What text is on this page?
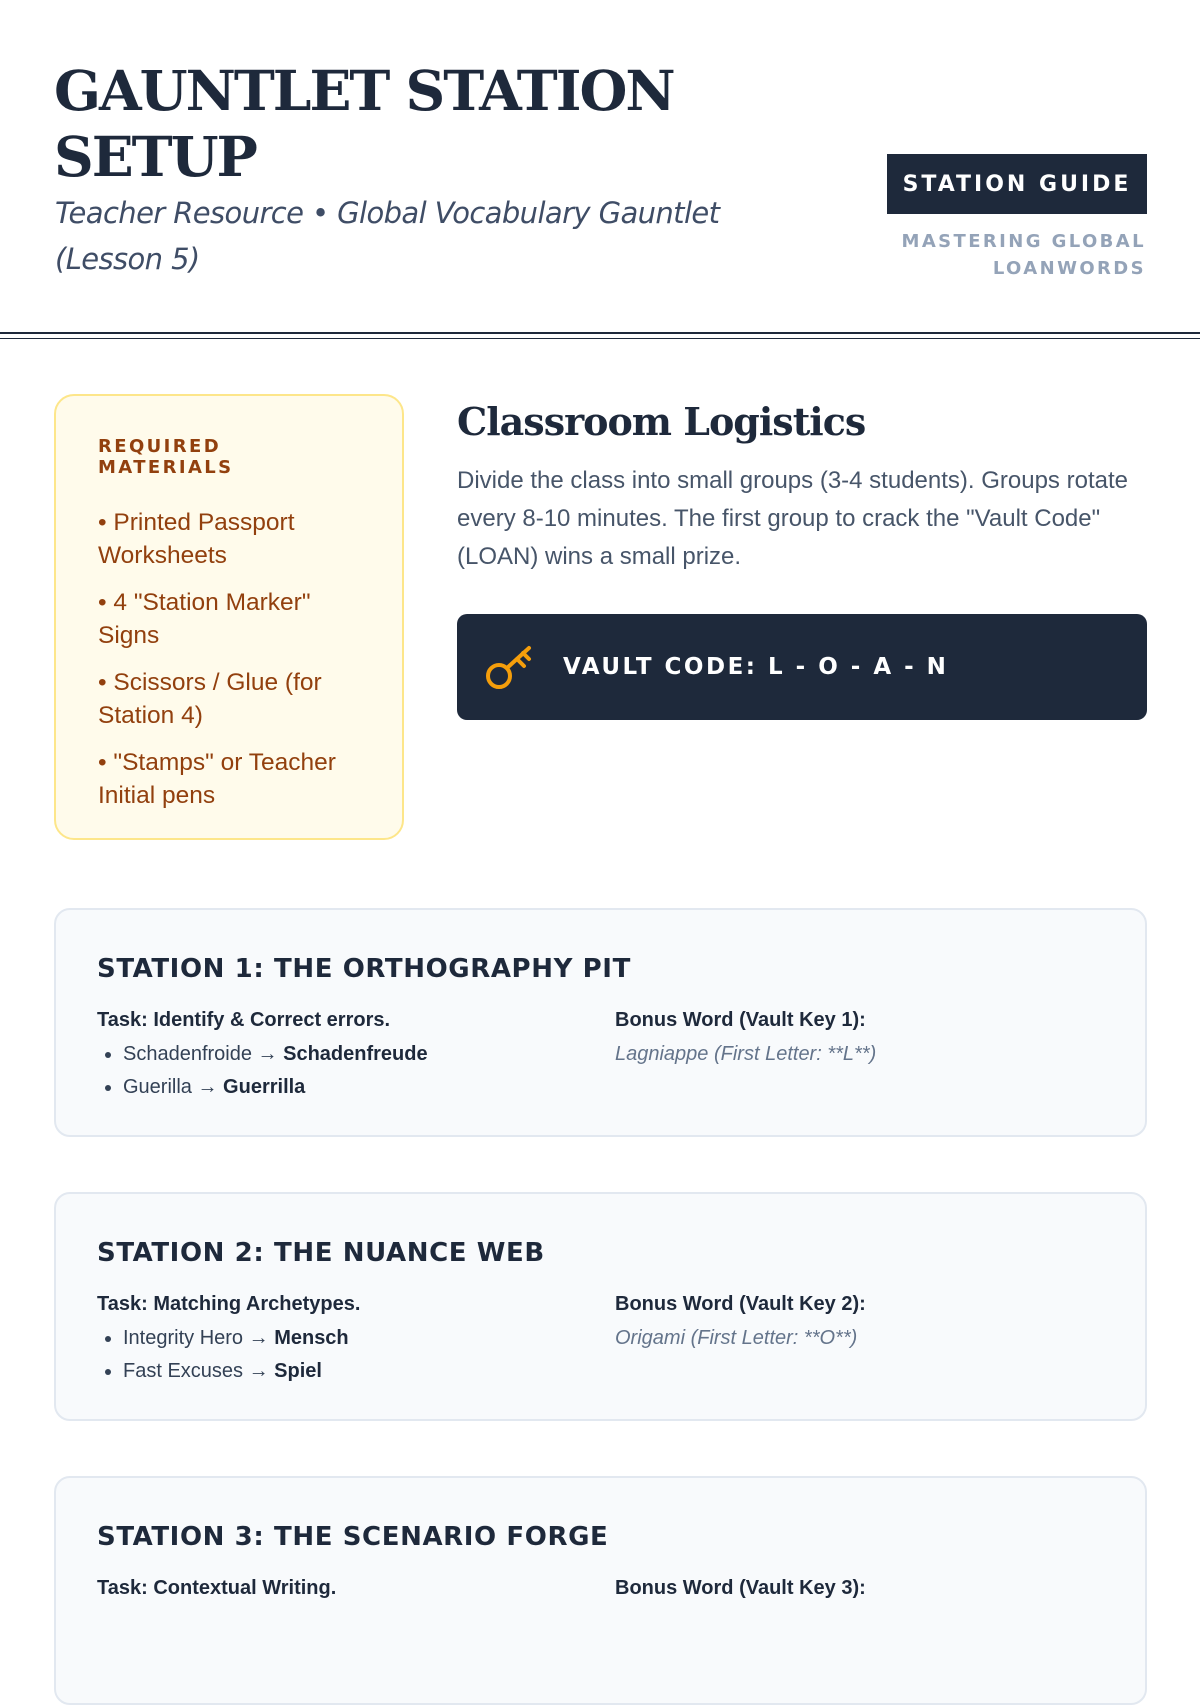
GAUNTLET STATION SETUP

Teacher Resource • Global Vocabulary Gauntlet (Lesson 5)

STATION GUIDE
MASTERING GLOBAL LOANWORDS
REQUIRED MATERIALS
• Printed Passport Worksheets
• 4 "Station Marker" Signs
• Scissors / Glue (for Station 4)
• "Stamps" or Teacher Initial pens
Classroom Logistics

Divide the class into small groups (3-4 students). Groups rotate every 8-10 minutes. The first group to crack the "Vault Code" (LOAN) wins a small prize.

VAULT CODE: L - O - A - N
STATION 1: THE ORTHOGRAPHY PIT
Task: Identify & Correct errors.
• Schadenfroide → Schadenfreude
• Guerilla → Guerrilla
Bonus Word (Vault Key 1):
Lagniappe (First Letter: **L**)
STATION 2: THE NUANCE WEB
Task: Matching Archetypes.
• Integrity Hero → Mensch
• Fast Excuses → Spiel
Bonus Word (Vault Key 2):
Origami (First Letter: **O**)
STATION 3: THE SCENARIO FORGE
Task: Contextual Writing.	Bonus Word (Vault Key 3):
